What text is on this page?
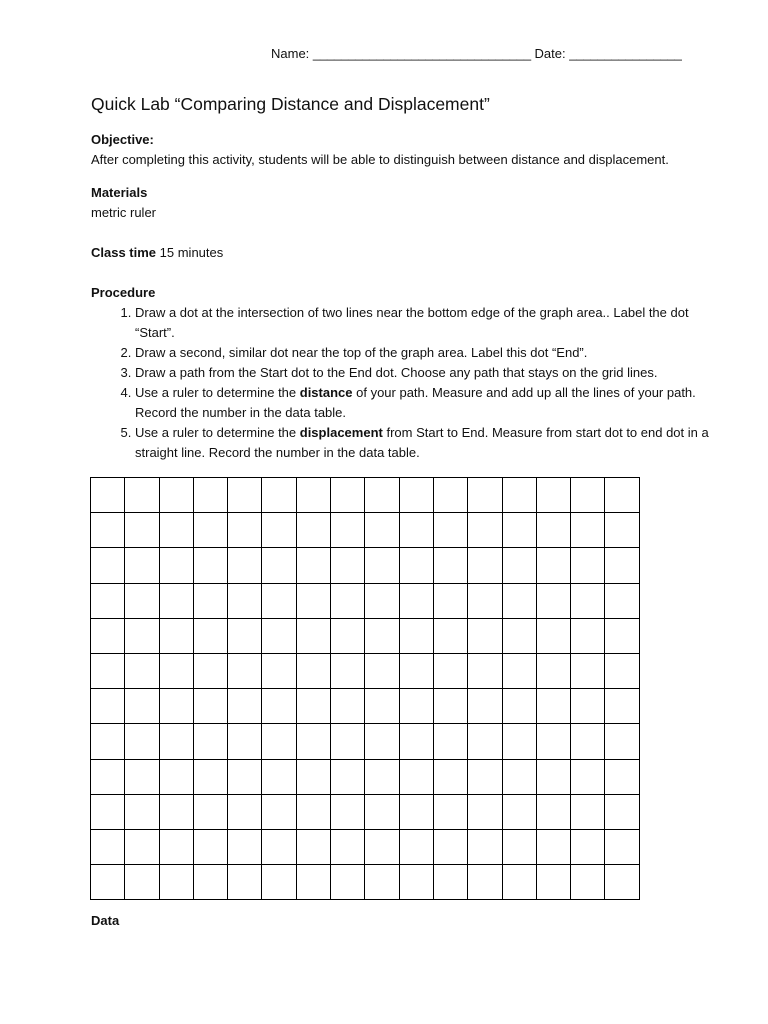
Name: _______________________________ Date: ________________
Quick Lab “Comparing Distance and Displacement”
Objective:
After completing this activity, students will be able to distinguish between distance and displacement.
Materials
metric ruler
Class time 15 minutes
Procedure
1. Draw a dot at the intersection of two lines near the bottom edge of the graph area.. Label the dot “Start”.
2. Draw a second, similar dot near the top of the graph area. Label this dot “End”.
3. Draw a path from the Start dot to the End dot. Choose any path that stays on the grid lines.
4. Use a ruler to determine the distance of your path. Measure and add up all the lines of your path. Record the number in the data table.
5. Use a ruler to determine the displacement from Start to End. Measure from start dot to end dot in a straight line. Record the number in the data table.

Data
